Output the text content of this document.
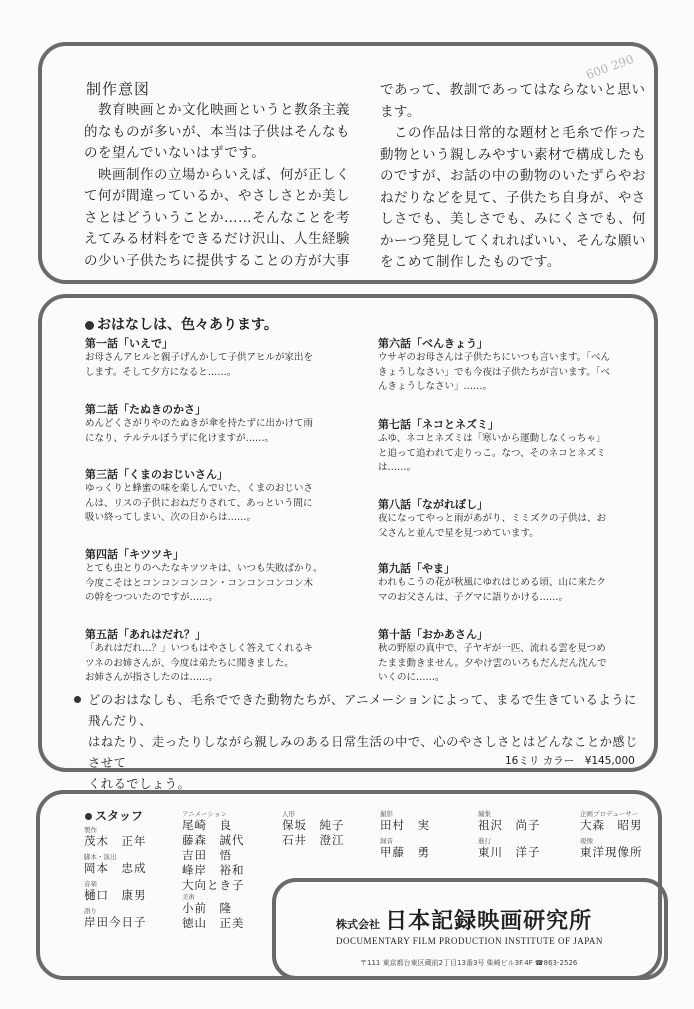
制作意図
　教育映画とか文化映画というと教条主義
的なものが多いが、本当は子供はそんなも
のを望んでいないはずです。
　映画制作の立場からいえば、何が正しく
て何が間違っているか、やさしさとか美し
さとはどういうことか……そんなことを考
えてみる材料をできるだけ沢山、人生経験
の少い子供たちに提供することの方が大事
であって、教訓であってはならないと思い
ます。
　この作品は日常的な題材と毛糸で作った
動物という親しみやすい素材で構成したも
のですが、お話の中の動物のいたずらやお
ねだりなどを見て、子供たち自身が、やさ
しさでも、美しさでも、みにくさでも、何
かーつ発見してくれればいい、そんな願い
をこめて制作したものです。
600 290
おはなしは、色々あります。
第一話「いえで」
お母さんアヒルと親子げんかして子供アヒルが家出を
します。そして夕方になると……。
第二話「たぬきのかさ」
めんどくさがりやのたぬきが傘を持たずに出かけて雨
になり、テルテルぼうずに化けますが……。
第三話「くまのおじいさん」
ゆっくりと蜂蜜の味を楽しんでいた、くまのおじいさ
んは、リスの子供におねだりされて、あっという間に
吸い終ってしまい、次の日からは……。
第四話「キツツキ」
とても虫とりのへたなキツツキは、いつも失敗ばかり。
今度こそはとコンコンコンコン・コンコンコンコン木
の幹をつついたのですが……。
第五話「あれはだれ？」
「あれはだれ…？」いつもはやさしく答えてくれるキ
ツネのお姉さんが、今度は弟たちに聞きました。
お姉さんが指さしたのは……。
第六話「べんきょう」
ウサギのお母さんは子供たちにいつも言います。「べん
きょうしなさい」でも今夜は子供たちが言います。「べ
んきょうしなさい」……。
第七話「ネコとネズミ」
ふゆ、ネコとネズミは「寒いから運動しなくっちゃ」
と追って追われて走りっこ。なつ、そのネコとネズミ
は……。
第八話「ながれぼし」
夜になってやっと雨があがり、ミミズクの子供は、お
父さんと並んで星を見つめています。
第九話「やま」
われもこうの花が秋風にゆれはじめる頃、山に来たク
マのお父さんは、子グマに語りかける……。
第十話「おかあさん」
秋の野原の真中で、子ヤギが一匹、流れる雲を見つめ
たまま動きません。夕やけ雲のいろもだんだん沈んで
いくのに……。
どのおはなしも、毛糸でできた動物たちが、アニメーションによって、まるで生きているように飛んだり、
はねたり、走ったりしながら親しみのある日常生活の中で、心のやさしさとはどんなことか感じさせて
くれるでしょう。
16ミリ カラー　¥145,000
スタッフ
製作
茂木　正年
脚本・演出
岡本　忠成
音楽
樋口　康男
語り
岸田今日子
アニメーション
尾崎　良
藤森　誠代
吉田　悟
峰岸　裕和
大向とき子
美術
小前　隆
徳山　正美
人形
保坂　純子
石井　澄江
撮影
田村　実
録音
甲藤　勇
編集
祖沢　尚子
進行
東川　洋子
企画プロデューサー
大森　昭男
現像
東洋現像所
株式会社 日本記録映画研究所
DOCUMENTARY FILM PRODUCTION INSTITUTE OF JAPAN
〒111 東京都台東区蔵前2丁目13番3号 柴崎ビル3F.4F ☎863-2526
